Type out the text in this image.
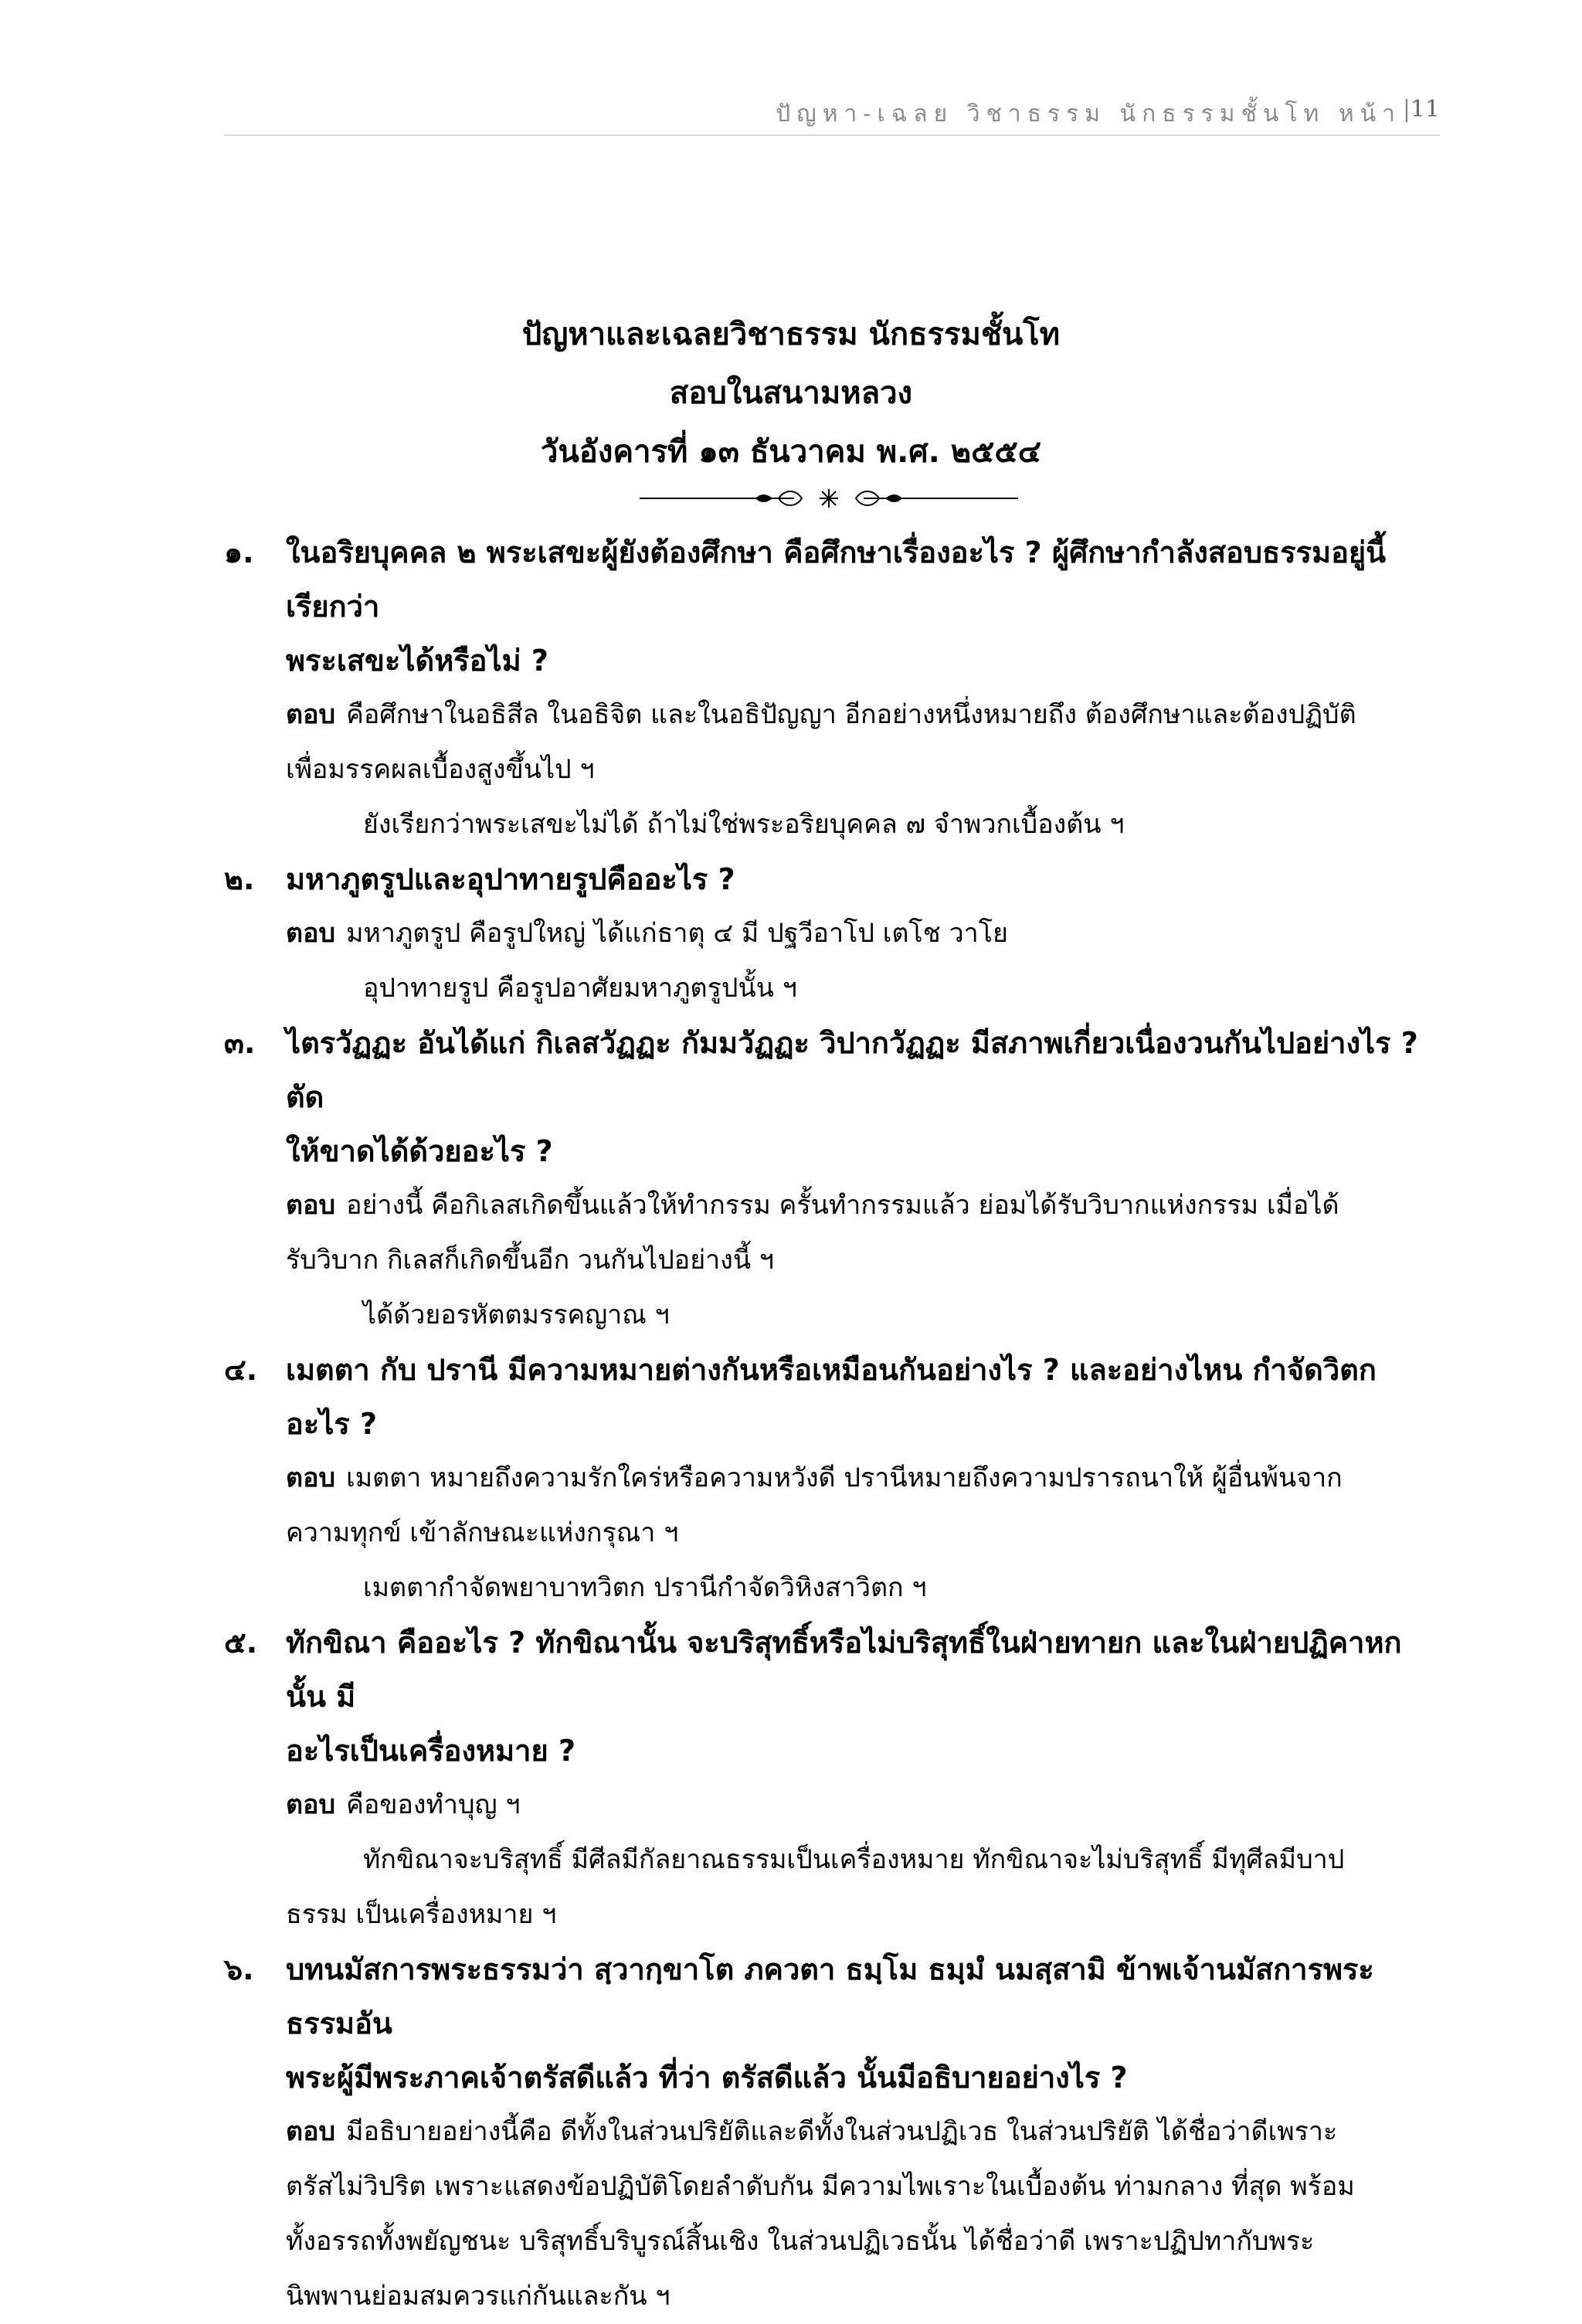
ปัญหา-เฉลย วิชาธรรม นักธรรมชั้นโท หน้า | 11
ปัญหาและเฉลยวิชาธรรม นักธรรมชั้นโท
สอบในสนามหลวง
วันอังคารที่ ๑๓ ธันวาคม พ.ศ. ๒๕๕๔
๑. ในอริยบุคคล ๒ พระเสขะผู้ยังต้องศึกษา คือศึกษาเรื่องอะไร ? ผู้ศึกษากำลังสอบธรรมอยู่นี้เรียกว่า
พระเสขะได้หรือไม่ ?
ตอบ คือศึกษาในอธิสีล ในอธิจิต และในอธิปัญญา อีกอย่างหนึ่งหมายถึง ต้องศึกษาและต้องปฏิบัติ
เพื่อมรรคผลเบื้องสูงขึ้นไป ฯ
ยังเรียกว่าพระเสขะไม่ได้ ถ้าไม่ใช่พระอริยบุคคล ๗ จำพวกเบื้องต้น ฯ
๒. มหาภูตรูปและอุปาทายรูปคืออะไร ?
ตอบ มหาภูตรูป คือรูปใหญ่ ได้แก่ธาตุ ๔ มี ปฐวีอาโป เตโช วาโย
อุปาทายรูป คือรูปอาศัยมหาภูตรูปนั้น ฯ
๓. ไตรวัฏฏะ อันได้แก่ กิเลสวัฏฏะ กัมมวัฏฏะ วิปากวัฏฏะ มีสภาพเกี่ยวเนื่องวนกันไปอย่างไร ? ตัด
ให้ขาดได้ด้วยอะไร ?
ตอบ อย่างนี้ คือกิเลสเกิดขึ้นแล้วให้ทำกรรม ครั้นทำกรรมแล้ว ย่อมได้รับวิบากแห่งกรรม เมื่อได้
รับวิบาก กิเลสก็เกิดขึ้นอีก วนกันไปอย่างนี้ ฯ
ได้ด้วยอรหัตตมรรคญาณ ฯ
๔. เมตตา กับ ปรานี มีความหมายต่างกันหรือเหมือนกันอย่างไร ? และอย่างไหน กำจัดวิตกอะไร ?
ตอบ เมตตา หมายถึงความรักใคร่หรือความหวังดี ปรานีหมายถึงความปรารถนาให้ ผู้อื่นพ้นจาก
ความทุกข์ เข้าลักษณะแห่งกรุณา ฯ
เมตตากำจัดพยาบาทวิตก ปรานีกำจัดวิหิงสาวิตก ฯ
๕. ทักขิณา คืออะไร ? ทักขิณานั้น จะบริสุทธิ์หรือไม่บริสุทธิ์ในฝ่ายทายก และในฝ่ายปฏิคาหกนั้น มี
อะไรเป็นเครื่องหมาย ?
ตอบ คือของทำบุญ ฯ
ทักขิณาจะบริสุทธิ์ มีศีลมีกัลยาณธรรมเป็นเครื่องหมาย ทักขิณาจะไม่บริสุทธิ์ มีทุศีลมีบาป
ธรรม เป็นเครื่องหมาย ฯ
๖. บทนมัสการพระธรรมว่า สฺวากฺขาโต ภควตา ธมฺโม ธมฺมํ นมสฺสามิ ข้าพเจ้านมัสการพระธรรมอัน
พระผู้มีพระภาคเจ้าตรัสดีแล้ว ที่ว่า ตรัสดีแล้ว นั้นมีอธิบายอย่างไร ?
ตอบ มีอธิบายอย่างนี้คือ ดีทั้งในส่วนปริยัติและดีทั้งในส่วนปฏิเวธ ในส่วนปริยัติ ได้ชื่อว่าดีเพราะ
ตรัสไม่วิปริต เพราะแสดงข้อปฏิบัติโดยลำดับกัน มีความไพเราะในเบื้องต้น ท่ามกลาง ที่สุด พร้อม
ทั้งอรรถทั้งพยัญชนะ บริสุทธิ์บริบูรณ์สิ้นเชิง ในส่วนปฏิเวธนั้น ได้ชื่อว่าดี เพราะปฏิปทากับพระ
นิพพานย่อมสมควรแก่กันและกัน ฯ
